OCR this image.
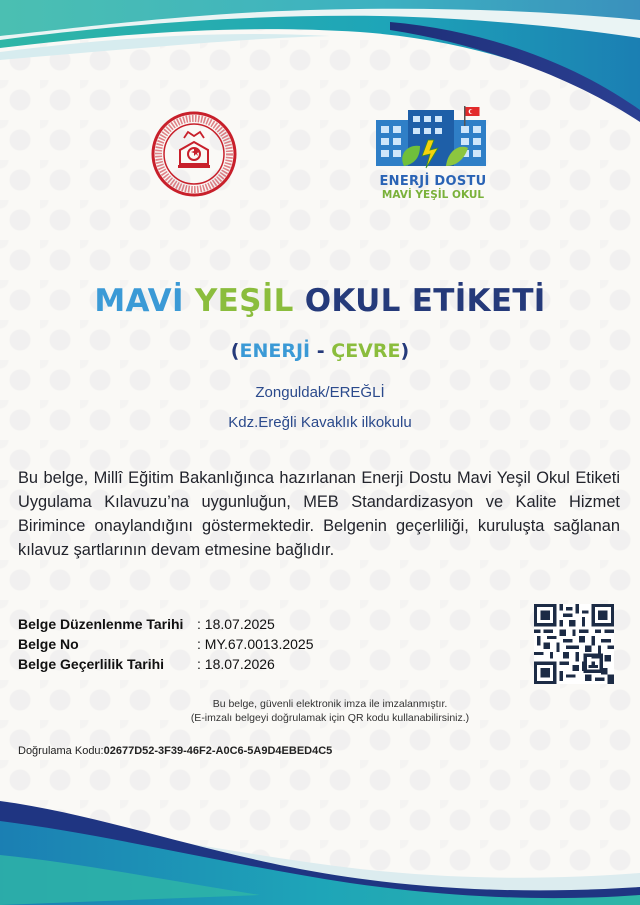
ENERJİ DOSTU
MAVİ YEŞİL OKUL
MAVİ YEŞİL OKUL ETİKETİ
(ENERJİ - ÇEVRE)
Zonguldak/EREĞLİ
Kdz.Ereğli Kavaklık ilkokulu
Bu belge, Millî Eğitim Bakanlığınca hazırlanan Enerji Dostu Mavi Yeşil Okul Etiketi Uygulama Kılavuzu’na uygunluğun, MEB Standardizasyon ve Kalite Hizmet Birimince onaylandığını göstermektedir. Belgenin geçerliliği, kuruluşta sağlanan kılavuz şartlarının devam etmesine bağlıdır.
Belge Düzenlenme Tarihi : 18.07.2025
Belge No	: MY.67.0013.2025
Belge Geçerlilik Tarihi	: 18.07.2026
Bu belge, güvenli elektronik imza ile imzalanmıştır.
(E-imzalı belgeyi doğrulamak için QR kodu kullanabilirsiniz.)
Doğrulama Kodu:02677D52-3F39-46F2-A0C6-5A9D4EBED4C5
